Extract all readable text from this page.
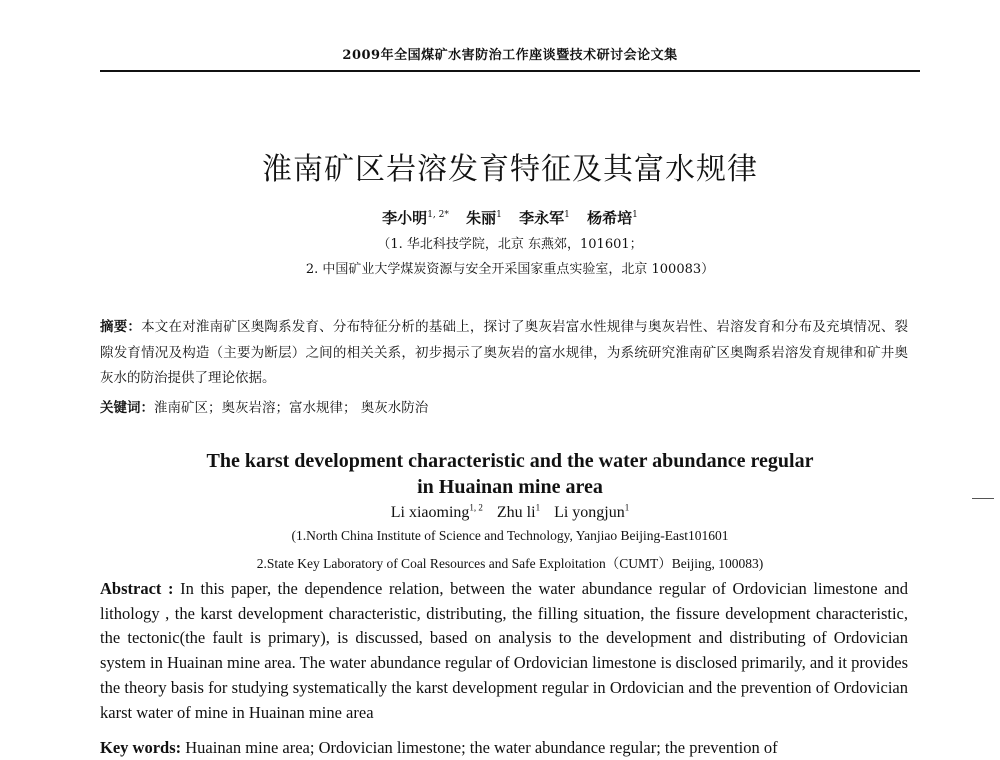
2009年全国煤矿水害防治工作座谈暨技术研讨会论文集
淮南矿区岩溶发育特征及其富水规律
李小明$^{1, 2*}$ 朱丽$^1$ 李永军$^1$ 杨希培$^1$
（1. 华北科技学院，北京 东燕郊，101601；
2. 中国矿业大学煤炭资源与安全开采国家重点实验室，北京 100083）
摘要：本文在对淮南矿区奥陶系发育、分布特征分析的基础上，探讨了奥灰岩富水性规律与奥灰岩性、岩溶发育和分布及充填情况、裂隙发育情况及构造（主要为断层）之间的相关关系，初步揭示了奥灰岩的富水规律，为系统研究淮南矿区奥陶系岩溶发育规律和矿井奥灰水的防治提供了理论依据。
关键词：淮南矿区；奥灰岩溶；富水规律； 奥灰水防治
The karst development characteristic and the water abundance regular
in Huainan mine area
Li xiaoming$^{1, 2}$ Zhu $li^1$ Li yongjun$^1$
(1.North China Institute of Science and Technology, Yanjiao Beijing-East101601
2.State Key Laboratory of Coal Resources and Safe Exploitation（CUMT）Beijing, 100083)
Abstract : In this paper, the dependence relation, between the water abundance regular of Ordovician limestone and lithology , the karst development characteristic, distributing, the filling situation, the fissure development characteristic, the tectonic(the fault is primary), is discussed, based on analysis to the development and distributing of Ordovician system in Huainan mine area. The water abundance regular of Ordovician limestone is disclosed primarily, and it provides the theory basis for studying systematically the karst development regular in Ordovician and the prevention of Ordovician karst water of mine in Huainan mine area
Key words: Huainan mine area; Ordovician limestone; the water abundance regular; the prevention of
